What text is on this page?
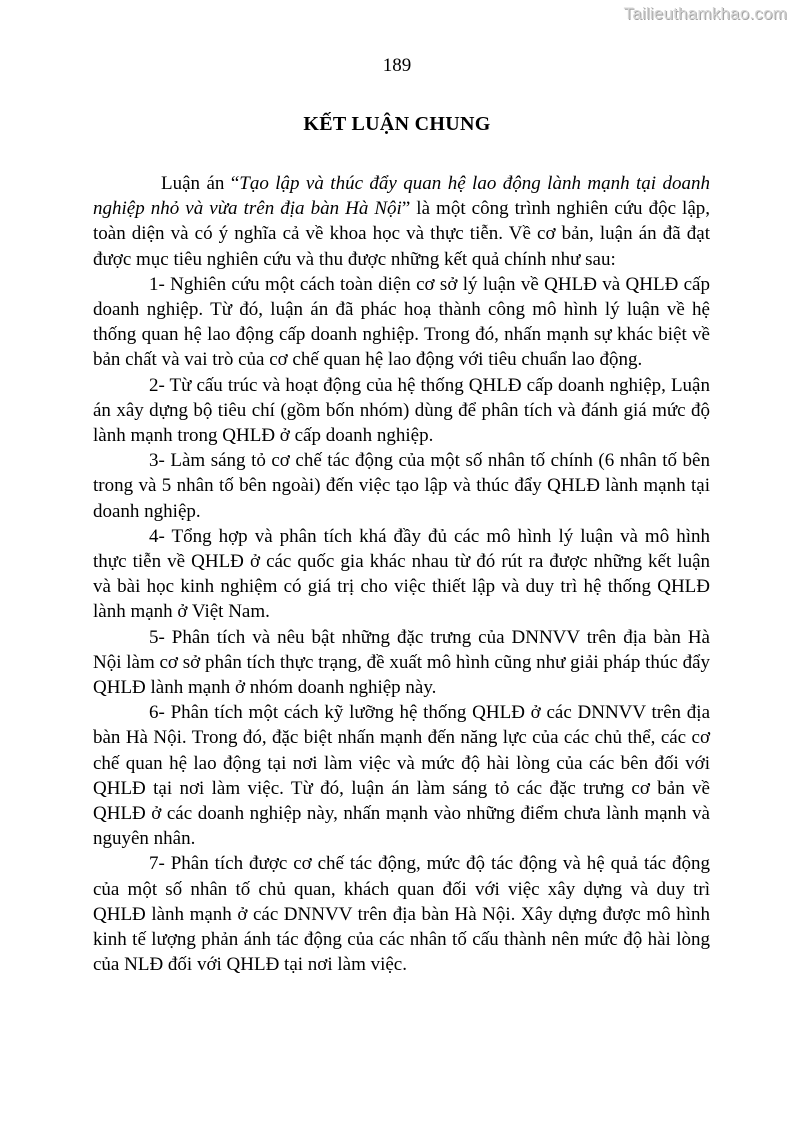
Tailieuthamkhao.com
189
KẾT LUẬN CHUNG

Luận án “Tạo lập và thúc đẩy quan hệ lao động lành mạnh tại doanh nghiệp nhỏ và vừa trên địa bàn Hà Nội” là một công trình nghiên cứu độc lập, toàn diện và có ý nghĩa cả về khoa học và thực tiễn. Về cơ bản, luận án đã đạt được mục tiêu nghiên cứu và thu được những kết quả chính như sau:

1- Nghiên cứu một cách toàn diện cơ sở lý luận về QHLĐ và QHLĐ cấp doanh nghiệp. Từ đó, luận án đã phác hoạ thành công mô hình lý luận về hệ thống quan hệ lao động cấp doanh nghiệp. Trong đó, nhấn mạnh sự khác biệt về bản chất và vai trò của cơ chế quan hệ lao động với tiêu chuẩn lao động.

2- Từ cấu trúc và hoạt động của hệ thống QHLĐ cấp doanh nghiệp, Luận án xây dựng bộ tiêu chí (gồm bốn nhóm) dùng để phân tích và đánh giá mức độ lành mạnh trong QHLĐ ở cấp doanh nghiệp.

3- Làm sáng tỏ cơ chế tác động của một số nhân tố chính (6 nhân tố bên trong và 5 nhân tố bên ngoài) đến việc tạo lập và thúc đẩy QHLĐ lành mạnh tại doanh nghiệp.

4- Tổng hợp và phân tích khá đầy đủ các mô hình lý luận và mô hình thực tiễn về QHLĐ ở các quốc gia khác nhau từ đó rút ra được những kết luận và bài học kinh nghiệm có giá trị cho việc thiết lập và duy trì hệ thống QHLĐ lành mạnh ở Việt Nam.

5- Phân tích và nêu bật những đặc trưng của DNNVV trên địa bàn Hà Nội làm cơ sở phân tích thực trạng, đề xuất mô hình cũng như giải pháp thúc đẩy QHLĐ lành mạnh ở nhóm doanh nghiệp này.

6- Phân tích một cách kỹ lưỡng hệ thống QHLĐ ở các DNNVV trên địa bàn Hà Nội. Trong đó, đặc biệt nhấn mạnh đến năng lực của các chủ thể, các cơ chế quan hệ lao động tại nơi làm việc và mức độ hài lòng của các bên đối với QHLĐ tại nơi làm việc. Từ đó, luận án làm sáng tỏ các đặc trưng cơ bản về QHLĐ ở các doanh nghiệp này, nhấn mạnh vào những điểm chưa lành mạnh và nguyên nhân.

7- Phân tích được cơ chế tác động, mức độ tác động và hệ quả tác động của một số nhân tố chủ quan, khách quan đối với việc xây dựng và duy trì QHLĐ lành mạnh ở các DNNVV trên địa bàn Hà Nội. Xây dựng được mô hình kinh tế lượng phản ánh tác động của các nhân tố cấu thành nên mức độ hài lòng của NLĐ đối với QHLĐ tại nơi làm việc.
